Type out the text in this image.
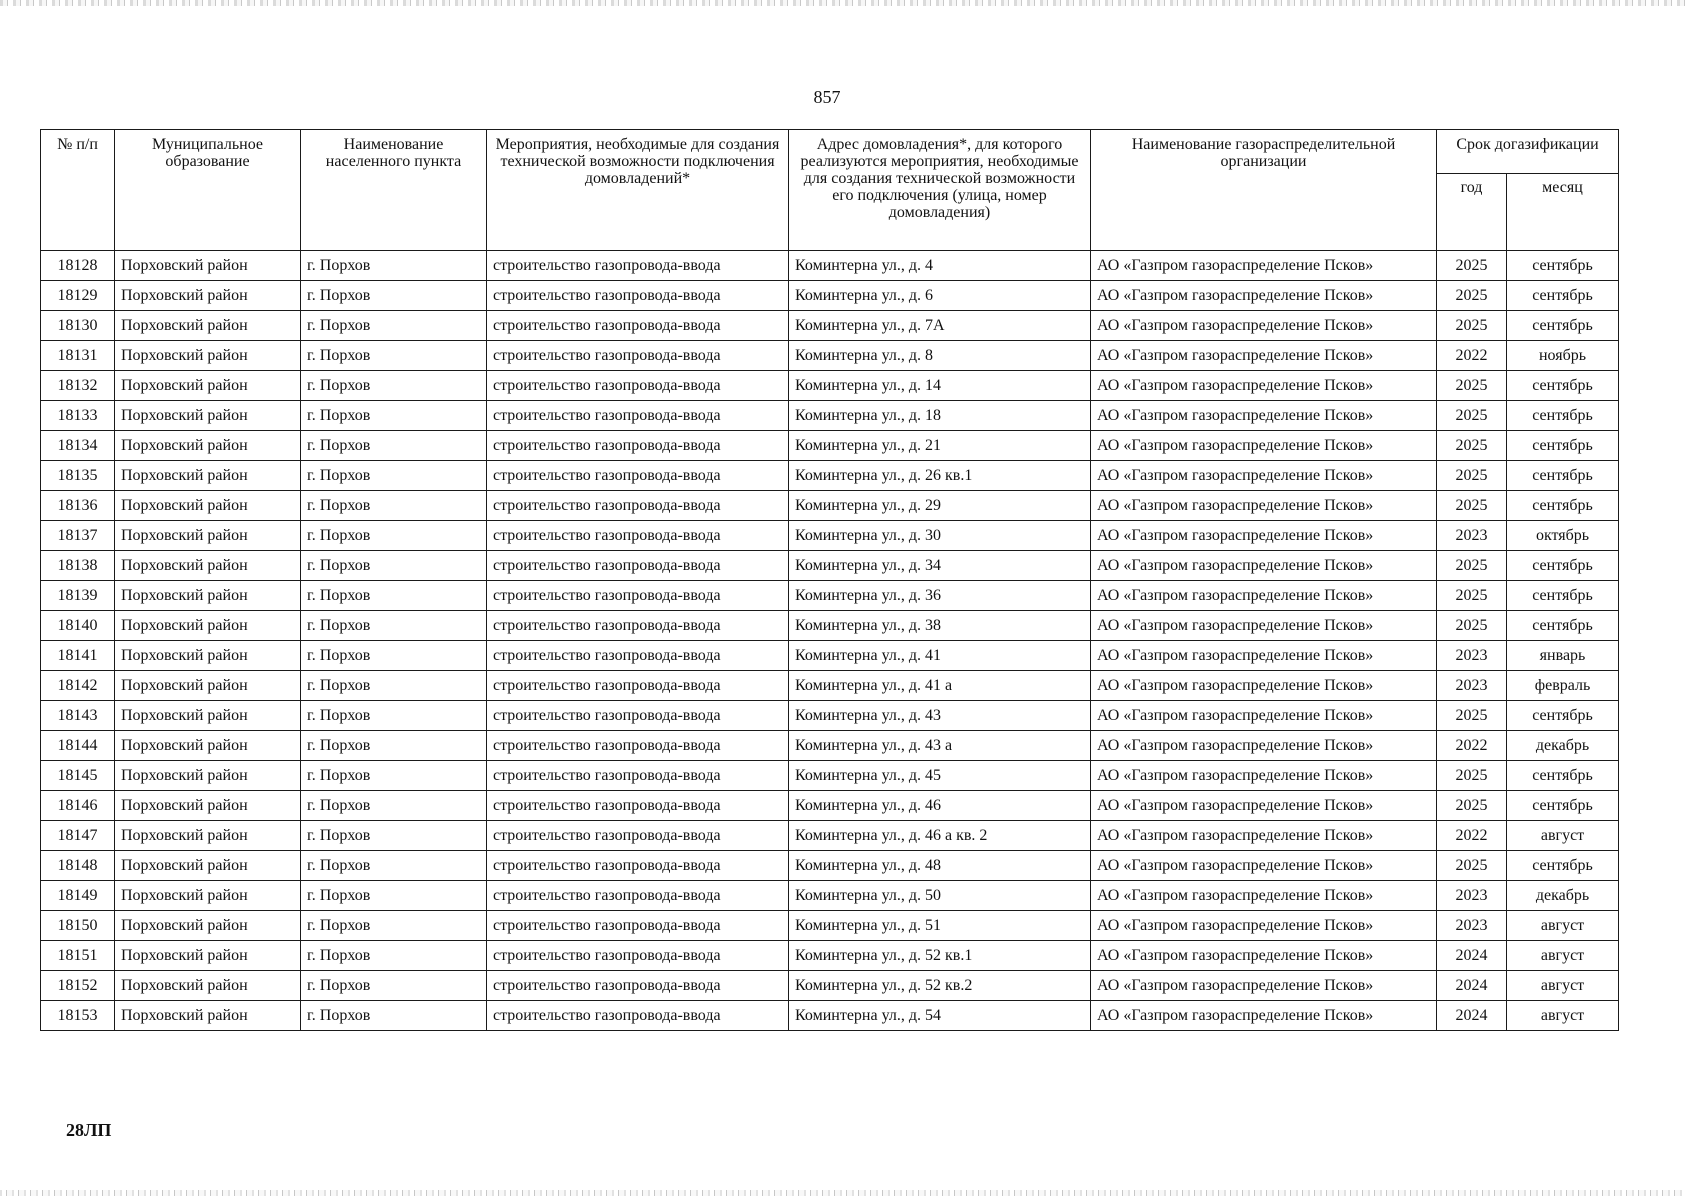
857
№ п/п	Муниципальное образование	Наименование населенного пункта	Мероприятия, необходимые для создания технической возможности подключения домовладений*	Адрес домовладения*, для которого реализуются мероприятия, необходимые для создания технической возможности его подключения (улица, номер домовладения)	Наименование газораспределительной организации	Срок догазификации	
						год	месяц
18128	Порховский район	г. Порхов	строительство газопровода-ввода	Коминтерна ул., д. 4	АО «Газпром газораспределение Псков»	2025	сентябрь
18129	Порховский район	г. Порхов	строительство газопровода-ввода	Коминтерна ул., д. 6	АО «Газпром газораспределение Псков»	2025	сентябрь
18130	Порховский район	г. Порхов	строительство газопровода-ввода	Коминтерна ул., д. 7А	АО «Газпром газораспределение Псков»	2025	сентябрь
18131	Порховский район	г. Порхов	строительство газопровода-ввода	Коминтерна ул., д. 8	АО «Газпром газораспределение Псков»	2022	ноябрь
18132	Порховский район	г. Порхов	строительство газопровода-ввода	Коминтерна ул., д. 14	АО «Газпром газораспределение Псков»	2025	сентябрь
18133	Порховский район	г. Порхов	строительство газопровода-ввода	Коминтерна ул., д. 18	АО «Газпром газораспределение Псков»	2025	сентябрь
18134	Порховский район	г. Порхов	строительство газопровода-ввода	Коминтерна ул., д. 21	АО «Газпром газораспределение Псков»	2025	сентябрь
18135	Порховский район	г. Порхов	строительство газопровода-ввода	Коминтерна ул., д. 26 кв.1	АО «Газпром газораспределение Псков»	2025	сентябрь
18136	Порховский район	г. Порхов	строительство газопровода-ввода	Коминтерна ул., д. 29	АО «Газпром газораспределение Псков»	2025	сентябрь
18137	Порховский район	г. Порхов	строительство газопровода-ввода	Коминтерна ул., д. 30	АО «Газпром газораспределение Псков»	2023	октябрь
18138	Порховский район	г. Порхов	строительство газопровода-ввода	Коминтерна ул., д. 34	АО «Газпром газораспределение Псков»	2025	сентябрь
18139	Порховский район	г. Порхов	строительство газопровода-ввода	Коминтерна ул., д. 36	АО «Газпром газораспределение Псков»	2025	сентябрь
18140	Порховский район	г. Порхов	строительство газопровода-ввода	Коминтерна ул., д. 38	АО «Газпром газораспределение Псков»	2025	сентябрь
18141	Порховский район	г. Порхов	строительство газопровода-ввода	Коминтерна ул., д. 41	АО «Газпром газораспределение Псков»	2023	январь
18142	Порховский район	г. Порхов	строительство газопровода-ввода	Коминтерна ул., д. 41 а	АО «Газпром газораспределение Псков»	2023	февраль
18143	Порховский район	г. Порхов	строительство газопровода-ввода	Коминтерна ул., д. 43	АО «Газпром газораспределение Псков»	2025	сентябрь
18144	Порховский район	г. Порхов	строительство газопровода-ввода	Коминтерна ул., д. 43 а	АО «Газпром газораспределение Псков»	2022	декабрь
18145	Порховский район	г. Порхов	строительство газопровода-ввода	Коминтерна ул., д. 45	АО «Газпром газораспределение Псков»	2025	сентябрь
18146	Порховский район	г. Порхов	строительство газопровода-ввода	Коминтерна ул., д. 46	АО «Газпром газораспределение Псков»	2025	сентябрь
18147	Порховский район	г. Порхов	строительство газопровода-ввода	Коминтерна ул., д. 46 а кв. 2	АО «Газпром газораспределение Псков»	2022	август
18148	Порховский район	г. Порхов	строительство газопровода-ввода	Коминтерна ул., д. 48	АО «Газпром газораспределение Псков»	2025	сентябрь
18149	Порховский район	г. Порхов	строительство газопровода-ввода	Коминтерна ул., д. 50	АО «Газпром газораспределение Псков»	2023	декабрь
18150	Порховский район	г. Порхов	строительство газопровода-ввода	Коминтерна ул., д. 51	АО «Газпром газораспределение Псков»	2023	август
18151	Порховский район	г. Порхов	строительство газопровода-ввода	Коминтерна ул., д. 52 кв.1	АО «Газпром газораспределение Псков»	2024	август
18152	Порховский район	г. Порхов	строительство газопровода-ввода	Коминтерна ул., д. 52 кв.2	АО «Газпром газораспределение Псков»	2024	август
18153	Порховский район	г. Порхов	строительство газопровода-ввода	Коминтерна ул., д. 54	АО «Газпром газораспределение Псков»	2024	август
28ЛП
